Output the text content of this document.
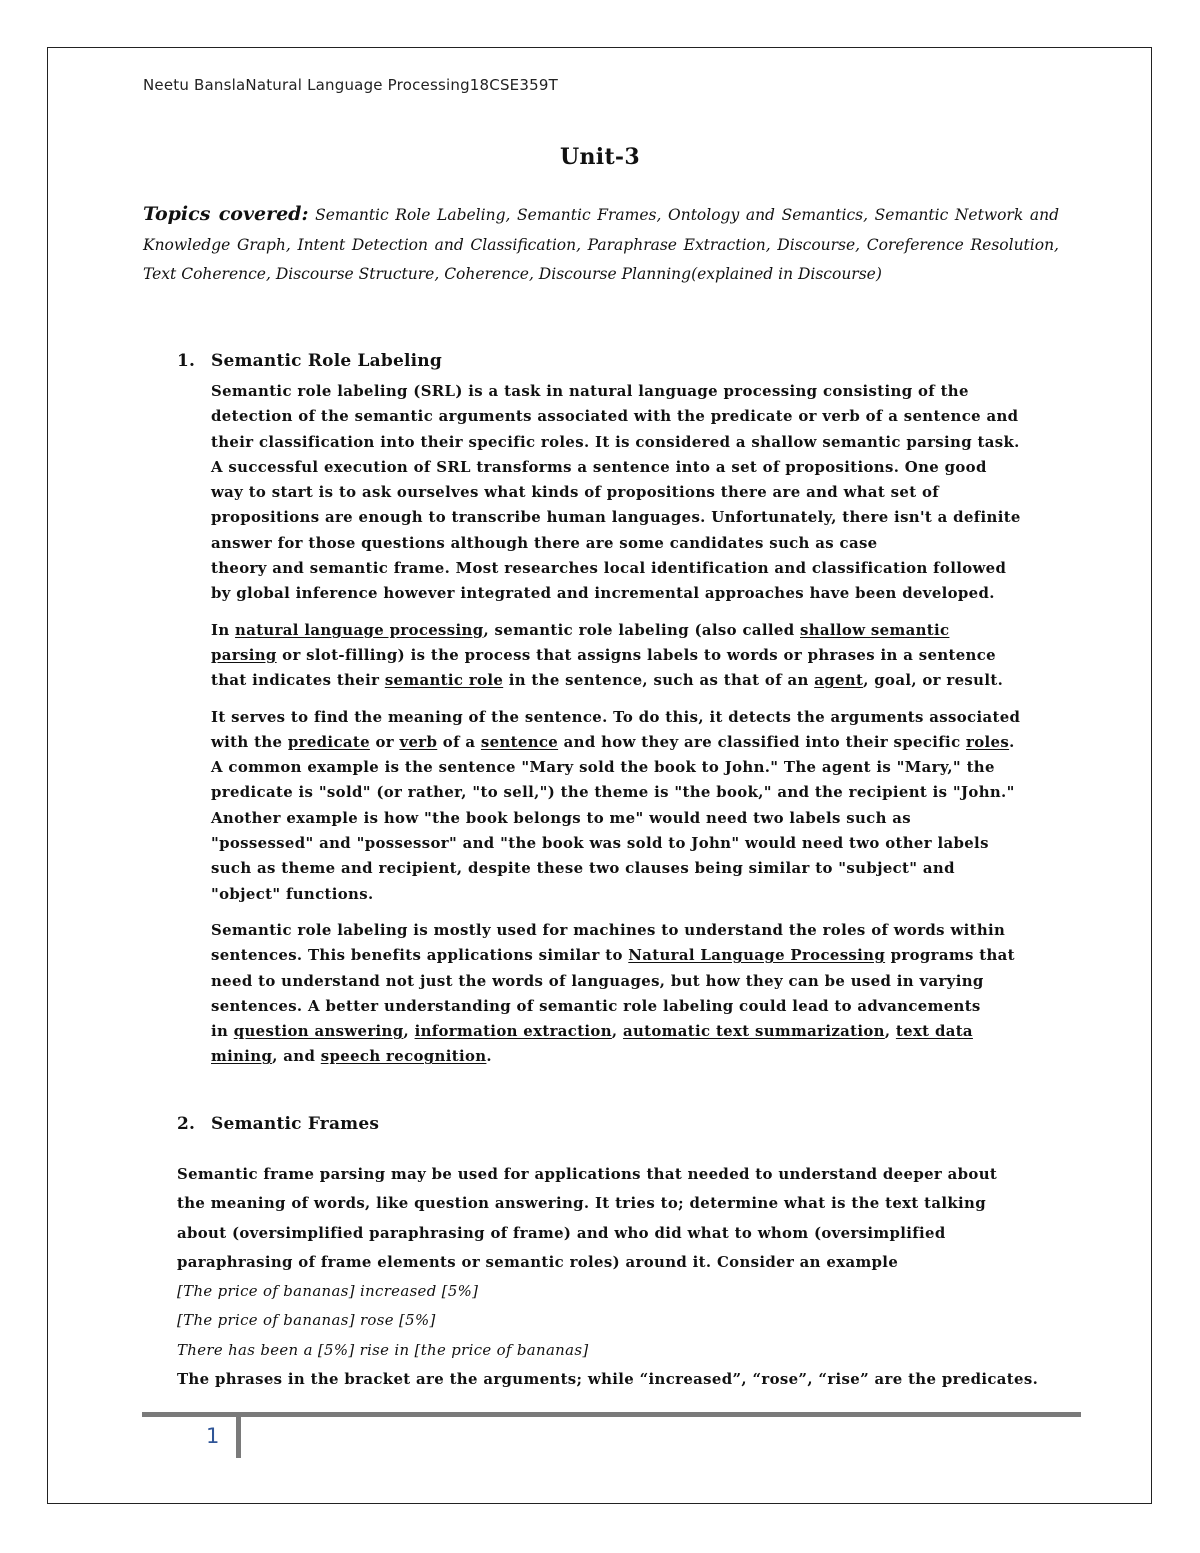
Neetu BanslaNatural Language Processing18CSE359T
Unit-3
Topics covered: Semantic Role Labeling, Semantic Frames, Ontology and Semantics, Semantic Network and Knowledge Graph, Intent Detection and Classification, Paraphrase Extraction, Discourse, Coreference Resolution, Text Coherence, Discourse Structure, Coherence, Discourse Planning(explained in Discourse)
1. Semantic Role Labeling

Semantic role labeling (SRL) is a task in natural language processing consisting of the
detection of the semantic arguments associated with the predicate or verb of a sentence and
their classification into their specific roles. It is considered a shallow semantic parsing task.
A successful execution of SRL transforms a sentence into a set of propositions. One good
way to start is to ask ourselves what kinds of propositions there are and what set of
propositions are enough to transcribe human languages. Unfortunately, there isn't a definite
answer for those questions although there are some candidates such as case
theory and semantic frame. Most researches local identification and classification followed
by global inference however integrated and incremental approaches have been developed.

In natural language processing, semantic role labeling (also called shallow semantic
parsing or slot-filling) is the process that assigns labels to words or phrases in a sentence
that indicates their semantic role in the sentence, such as that of an agent, goal, or result.

It serves to find the meaning of the sentence. To do this, it detects the arguments associated
with the predicate or verb of a sentence and how they are classified into their specific roles.
A common example is the sentence "Mary sold the book to John." The agent is "Mary," the
predicate is "sold" (or rather, "to sell,") the theme is "the book," and the recipient is "John."
Another example is how "the book belongs to me" would need two labels such as
"possessed" and "possessor" and "the book was sold to John" would need two other labels
such as theme and recipient, despite these two clauses being similar to "subject" and
"object" functions.

Semantic role labeling is mostly used for machines to understand the roles of words within
sentences. This benefits applications similar to Natural Language Processing programs that
need to understand not just the words of languages, but how they can be used in varying
sentences. A better understanding of semantic role labeling could lead to advancements
in question answering, information extraction, automatic text summarization, text data
mining, and speech recognition.

2. Semantic Frames
Semantic frame parsing may be used for applications that needed to understand deeper about
the meaning of words, like question answering. It tries to; determine what is the text talking
about (oversimplified paraphrasing of frame) and who did what to whom (oversimplified
paraphrasing of frame elements or semantic roles) around it. Consider an example
[The price of bananas] increased [5%]
[The price of bananas] rose [5%]
There has been a [5%] rise in [the price of bananas]
The phrases in the bracket are the arguments; while “increased”, “rose”, “rise” are the predicates.
1
